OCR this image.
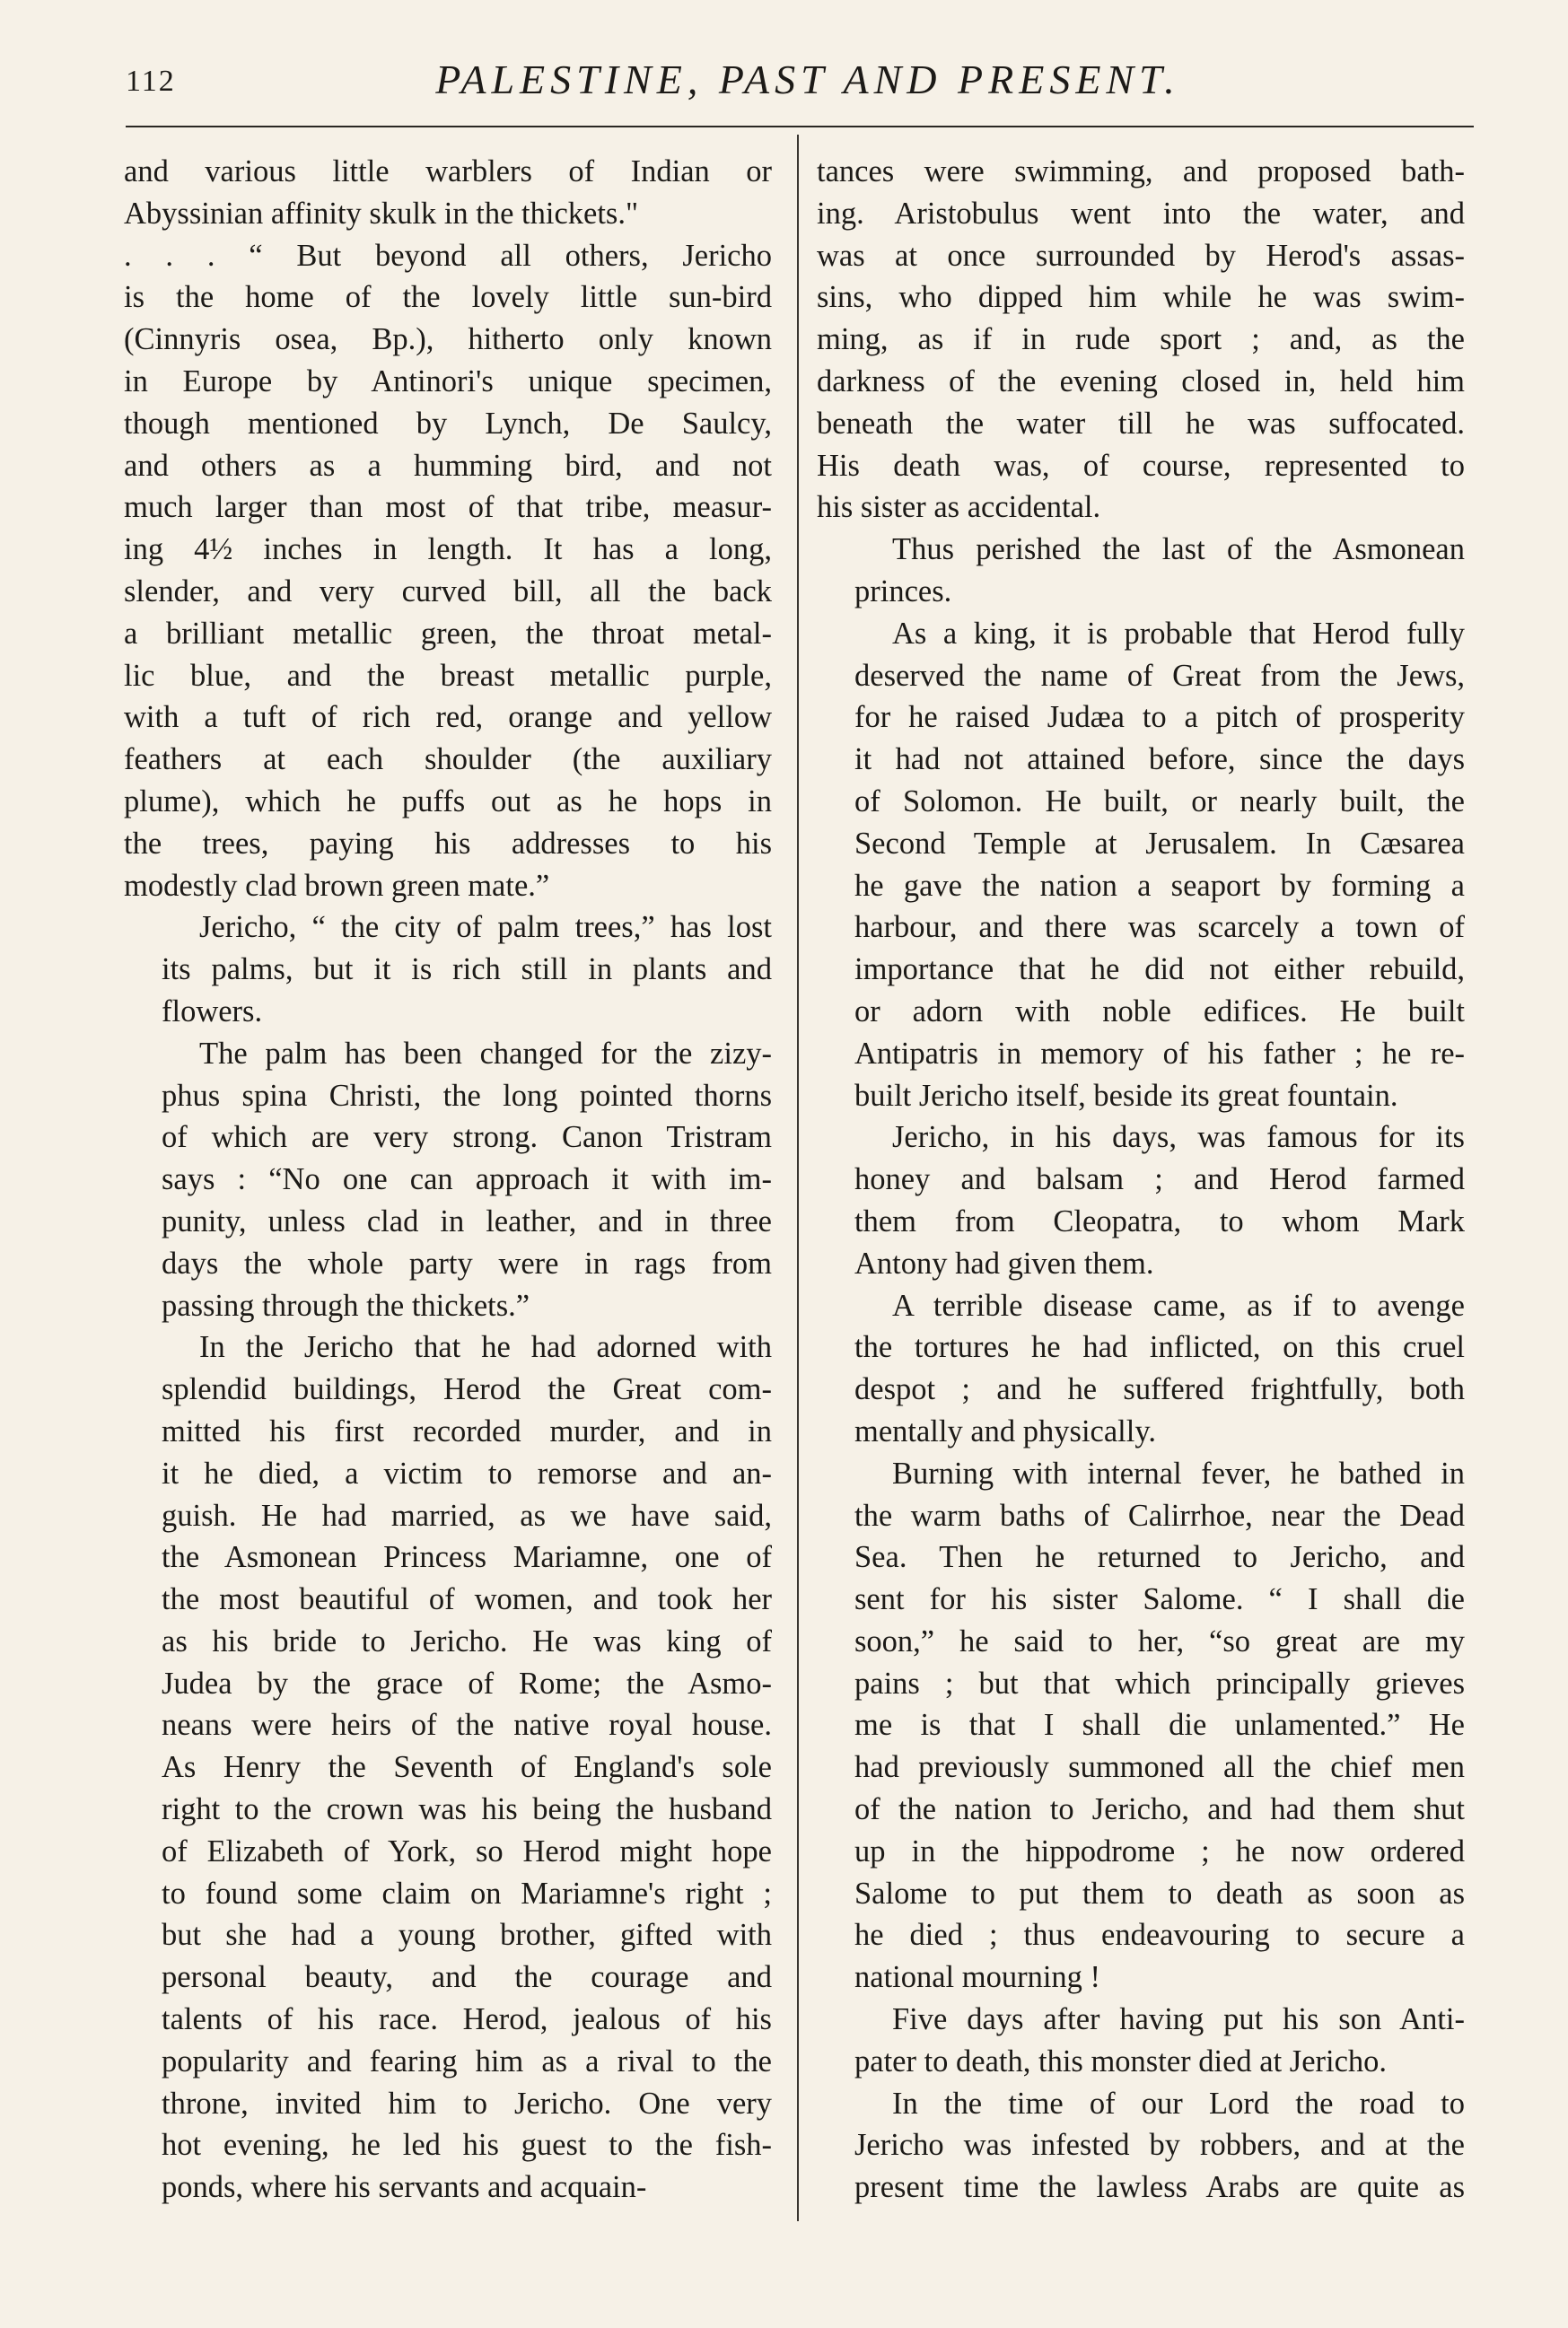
112	PALESTINE, PAST AND PRESENT.
and various little warblers of Indian or
Abyssinian affinity skulk in the thickets."
. . . “ But beyond all others, Jericho
is the home of the lovely little sun-bird
(Cinnyris osea, Bp.), hitherto only known
in Europe by Antinori's unique specimen,
though mentioned by Lynch, De Saulcy,
and others as a humming bird, and not
much larger than most of that tribe, measur-
ing 4½ inches in length. It has a long,
slender, and very curved bill, all the back
a brilliant metallic green, the throat metal-
lic blue, and the breast metallic purple,
with a tuft of rich red, orange and yellow
feathers at each shoulder (the auxiliary
plume), which he puffs out as he hops in
the trees, paying his addresses to his
modestly clad brown green mate.”
Jericho, “ the city of palm trees,” has lost
its palms, but it is rich still in plants and
flowers.
The palm has been changed for the zizy-
phus spina Christi, the long pointed thorns
of which are very strong. Canon Tristram
says : “No one can approach it with im-
punity, unless clad in leather, and in three
days the whole party were in rags from
passing through the thickets.”
In the Jericho that he had adorned with
splendid buildings, Herod the Great com-
mitted his first recorded murder, and in
it he died, a victim to remorse and an-
guish. He had married, as we have said,
the Asmonean Princess Mariamne, one of
the most beautiful of women, and took her
as his bride to Jericho. He was king of
Judea by the grace of Rome; the Asmo-
neans were heirs of the native royal house.
As Henry the Seventh of England's sole
right to the crown was his being the husband
of Elizabeth of York, so Herod might hope
to found some claim on Mariamne's right ;
but she had a young brother, gifted with
personal beauty, and the courage and
talents of his race. Herod, jealous of his
popularity and fearing him as a rival to the
throne, invited him to Jericho. One very
hot evening, he led his guest to the fish-
ponds, where his servants and acquain-
tances were swimming, and proposed bath-
ing. Aristobulus went into the water, and
was at once surrounded by Herod's assas-
sins, who dipped him while he was swim-
ming, as if in rude sport ; and, as the
darkness of the evening closed in, held him
beneath the water till he was suffocated.
His death was, of course, represented to
his sister as accidental.
Thus perished the last of the Asmonean
princes.
As a king, it is probable that Herod fully
deserved the name of Great from the Jews,
for he raised Judæa to a pitch of prosperity
it had not attained before, since the days
of Solomon. He built, or nearly built, the
Second Temple at Jerusalem. In Cæsarea
he gave the nation a seaport by forming a
harbour, and there was scarcely a town of
importance that he did not either rebuild,
or adorn with noble edifices. He built
Antipatris in memory of his father ; he re-
built Jericho itself, beside its great fountain.
Jericho, in his days, was famous for its
honey and balsam ; and Herod farmed
them from Cleopatra, to whom Mark
Antony had given them.
A terrible disease came, as if to avenge
the tortures he had inflicted, on this cruel
despot ; and he suffered frightfully, both
mentally and physically.
Burning with internal fever, he bathed in
the warm baths of Calirrhoe, near the Dead
Sea. Then he returned to Jericho, and
sent for his sister Salome. “ I shall die
soon,” he said to her, “so great are my
pains ; but that which principally grieves
me is that I shall die unlamented.” He
had previously summoned all the chief men
of the nation to Jericho, and had them shut
up in the hippodrome ; he now ordered
Salome to put them to death as soon as
he died ; thus endeavouring to secure a
national mourning !
Five days after having put his son Anti-
pater to death, this monster died at Jericho.
In the time of our Lord the road to
Jericho was infested by robbers, and at the
present time the lawless Arabs are quite as
